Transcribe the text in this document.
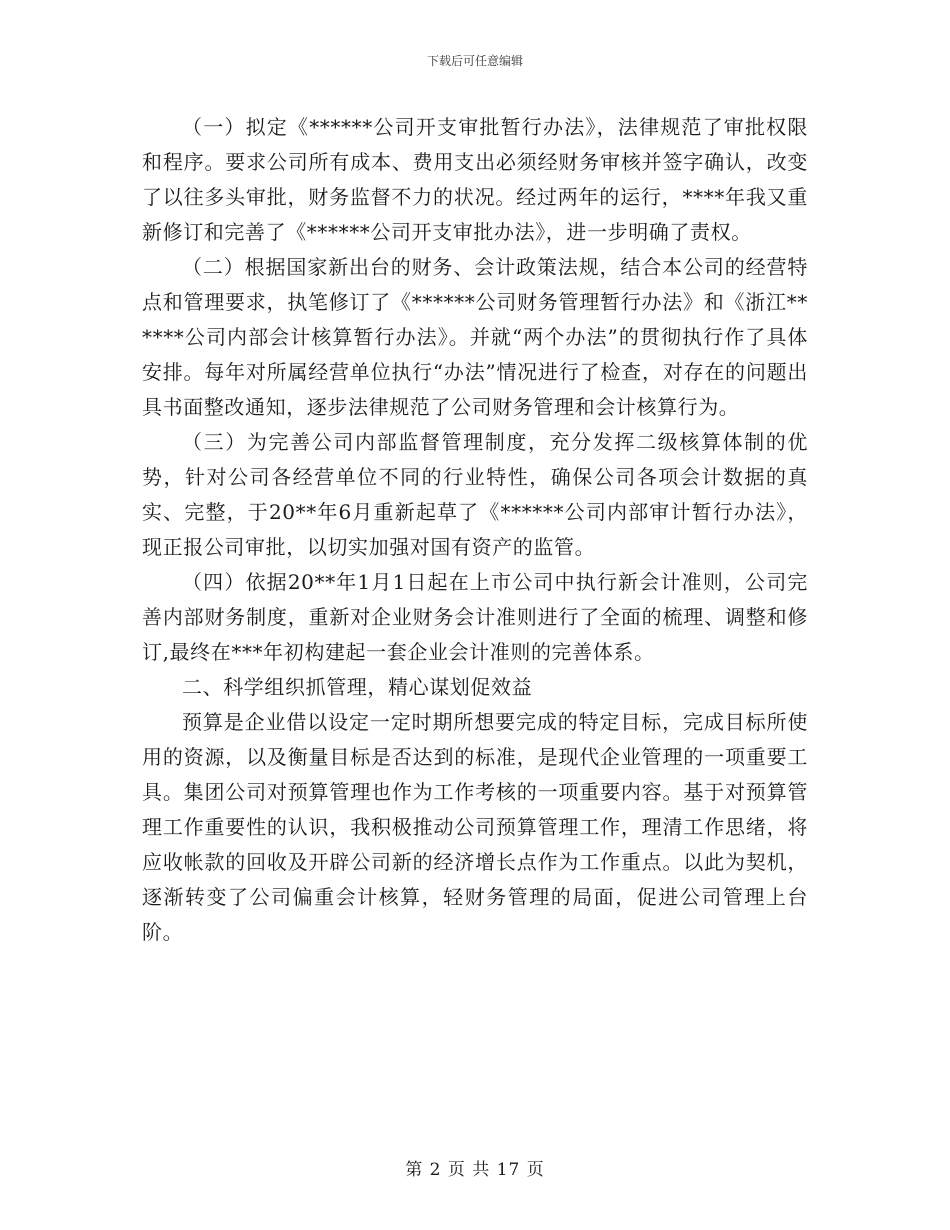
下载后可任意编辑

（一）拟定《******公司开支审批暂行办法》，法律规范了审批权限和程序。要求公司所有成本、费用支出必须经财务审核并签字确认，改变了以往多头审批，财务监督不力的状况。经过两年的运行，****年我又重新修订和完善了《******公司开支审批办法》，进一步明确了责权。

（二）根据国家新出台的财务、会计政策法规，结合本公司的经营特点和管理要求，执笔修订了《******公司财务管理暂行办法》和《浙江******公司内部会计核算暂行办法》。并就“两个办法”的贯彻执行作了具体安排。每年对所属经营单位执行“办法”情况进行了检查，对存在的问题出具书面整改通知，逐步法律规范了公司财务管理和会计核算行为。

（三）为完善公司内部监督管理制度，充分发挥二级核算体制的优势，针对公司各经营单位不同的行业特性，确保公司各项会计数据的真实、完整，于20**年6月重新起草了《******公司内部审计暂行办法》，现正报公司审批，以切实加强对国有资产的监管。

（四）依据20**年1月1日起在上市公司中执行新会计准则，公司完善内部财务制度，重新对企业财务会计准则进行了全面的梳理、调整和修订,最终在***年初构建起一套企业会计准则的完善体系。

二、科学组织抓管理，精心谋划促效益

预算是企业借以设定一定时期所想要完成的特定目标，完成目标所使用的资源，以及衡量目标是否达到的标准，是现代企业管理的一项重要工具。集团公司对预算管理也作为工作考核的一项重要内容。基于对预算管理工作重要性的认识，我积极推动公司预算管理工作，理清工作思绪，将应收帐款的回收及开辟公司新的经济增长点作为工作重点。以此为契机，逐渐转变了公司偏重会计核算，轻财务管理的局面，促进公司管理上台阶。

第 2 页 共 17 页
